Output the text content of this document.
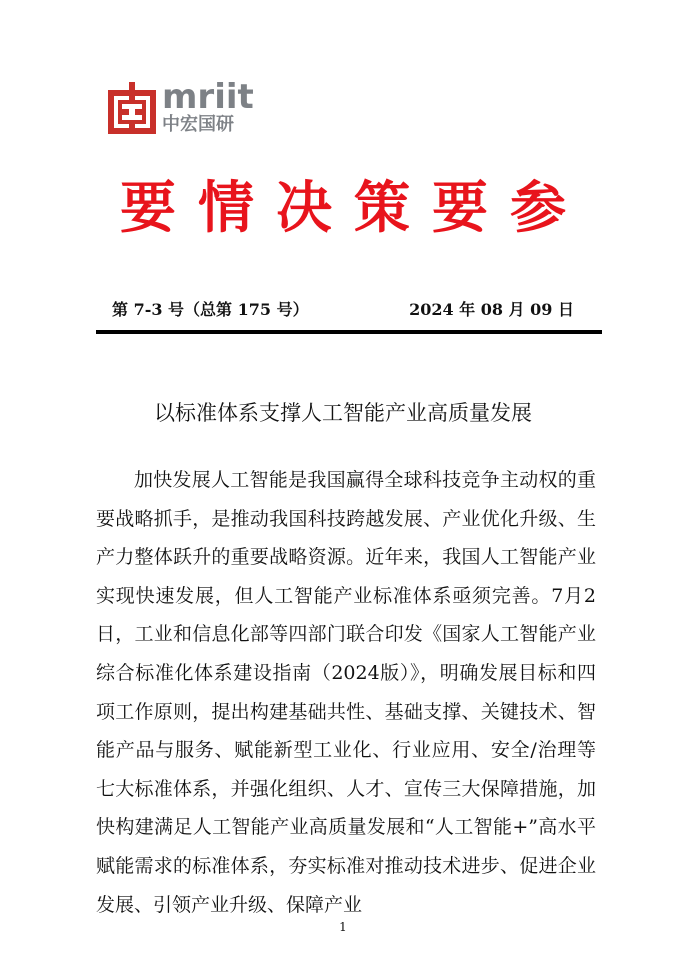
mriit
中宏国研
要情决策要参
第 7-3 号（总第 175 号）	2024 年 08 月 09 日
以标准体系支撑人工智能产业高质量发展

加快发展人工智能是我国赢得全球科技竞争主动权的重要战略抓手，是推动我国科技跨越发展、产业优化升级、生产力整体跃升的重要战略资源。近年来，我国人工智能产业实现快速发展，但人工智能产业标准体系亟须完善。7月2日，工业和信息化部等四部门联合印发《国家人工智能产业综合标准化体系建设指南（2024版）》，明确发展目标和四项工作原则，提出构建基础共性、基础支撑、关键技术、智能产品与服务、赋能新型工业化、行业应用、安全/治理等七大标准体系，并强化组织、人才、宣传三大保障措施，加快构建满足人工智能产业高质量发展和“人工智能+”高水平赋能需求的标准体系，夯实标准对推动技术进步、促进企业发展、引领产业升级、保障产业

1
